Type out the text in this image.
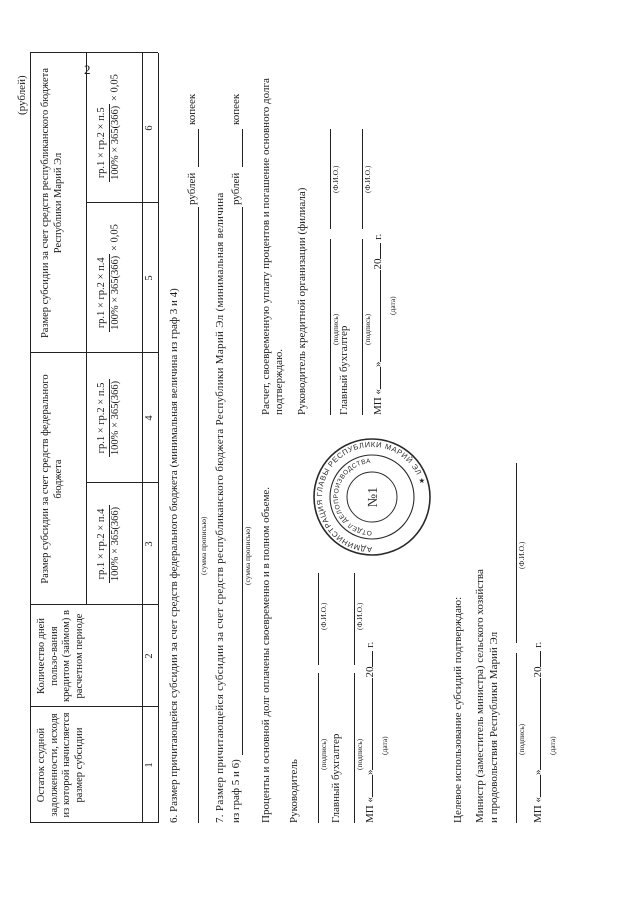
2
(рублей)
Остаток ссудной задолженности, исходя из которой начисляется размер субсидии
Количество дней пользо-вания кредитом (займом) в расчетном периоде
Размер субсидии за счет средств федерального бюджета
Размер субсидии за счет средств республиканского бюджета Республики Марий Эл
гр.1 × гр.2 × п.4 100% × 365(366)
гр.1 × гр.2 × п.5 100% × 365(366)
гр.1 × гр.2 × п.4 100% × 365(366)
× 0,05
гр.1 × гр.2 × п.5 100% × 365(366)
× 0,05
1
2
3
4
5
6
6. Размер причитающейся субсидии за счет средств федерального бюджета (минимальная величина из граф 3 и 4)	(сумма прописью)
рублей
копеек
7. Размер причитающейся субсидии за счет средств республиканского бюджета Республики Марий Эл (минимальная величина из граф 5 и 6)
(сумма прописью)
рублей
копеек
Проценты и основной долг оплачены своевременно и в полном объеме. Руководитель
(подпись)
(Ф.И.О.)
Главный бухгалтер (подпись)
(Ф.И.О.)
МП «»20 г.
(дата)
Расчет, своевременную уплату процентов и погашение основного долга подтверждаю. Руководитель кредитной организации (филиала)	(подпись)
(Ф.И.О.)
Главный бухгалтер (подпись)
(Ф.И.О.)
МП «»20 г.
(дата)
АДМИНИСТРАЦИЯ ГЛАВЫ РЕСПУБЛИКИ МАРИЙ ЭЛ ★
ОТДЕЛ ДЕЛОПРОИЗВОДСТВА
№1
Целевое использование субсидий подтверждаю: Министр (заместитель министра) сельского хозяйства и продовольствия Республики Марий Эл (подпись)
(Ф.И.О.)
МП «»20 г.
(дата)
